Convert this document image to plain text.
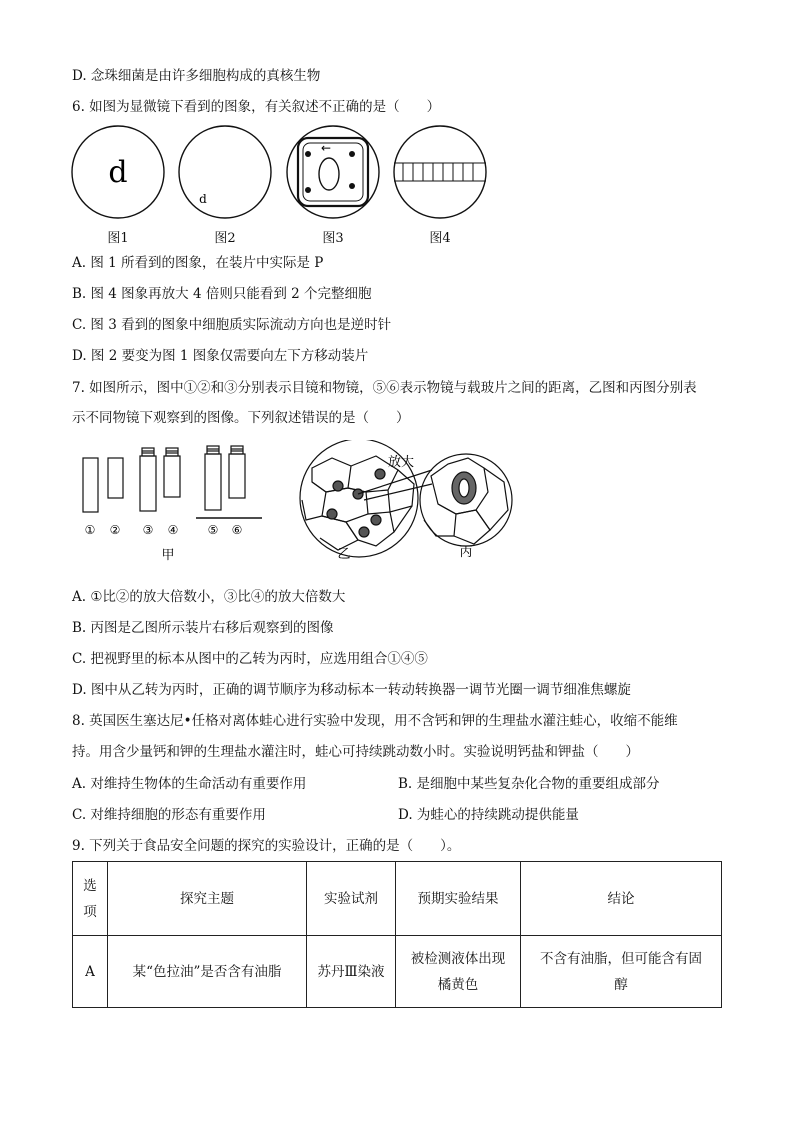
D. 念珠细菌是由许多细胞构成的真核生物
6. 如图为显微镜下看到的图象，有关叙述不正确的是（　　）
d
d
←
图1	图2	图3	图4
A. 图 1 所看到的图象，在装片中实际是 P
B. 图 4 图象再放大 4 倍则只能看到 2 个完整细胞
C. 图 3 看到的图象中细胞质实际流动方向也是逆时针
D. 图 2 要变为图 1 图象仅需要向左下方移动装片
7. 如图所示，图中①②和③分别表示目镜和物镜，⑤⑥表示物镜与载玻片之间的距离，乙图和丙图分别表
示不同物镜下观察到的图像。下列叙述错误的是（　　）
① ② ③ ④ ⑤ ⑥
甲
放大
乙	丙
A. ①比②的放大倍数小，③比④的放大倍数大
B. 丙图是乙图所示装片右移后观察到的图像
C. 把视野里的标本从图中的乙转为丙时，应选用组合①④⑤
D. 图中从乙转为丙时，正确的调节顺序为移动标本一转动转换器一调节光圈一调节细准焦螺旋
8. 英国医生塞达尼•任格对离体蛙心进行实验中发现，用不含钙和钾的生理盐水灌注蛙心，收缩不能维
持。用含少量钙和钾的生理盐水灌注时，蛙心可持续跳动数小时。实验说明钙盐和钾盐（　　）
A. 对维持生物体的生命活动有重要作用	B. 是细胞中某些复杂化合物的重要组成部分
C. 对维持细胞的形态有重要作用	D. 为蛙心的持续跳动提供能量
9. 下列关于食品安全问题的探究的实验设计，正确的是（　　）。
选
项	探究主题	实验试剂	预期实验结果	结论
A	某“色拉油”是否含有油脂	苏丹Ⅲ染液	被检测液体出现
橘黄色	不含有油脂，但可能含有固
醇
